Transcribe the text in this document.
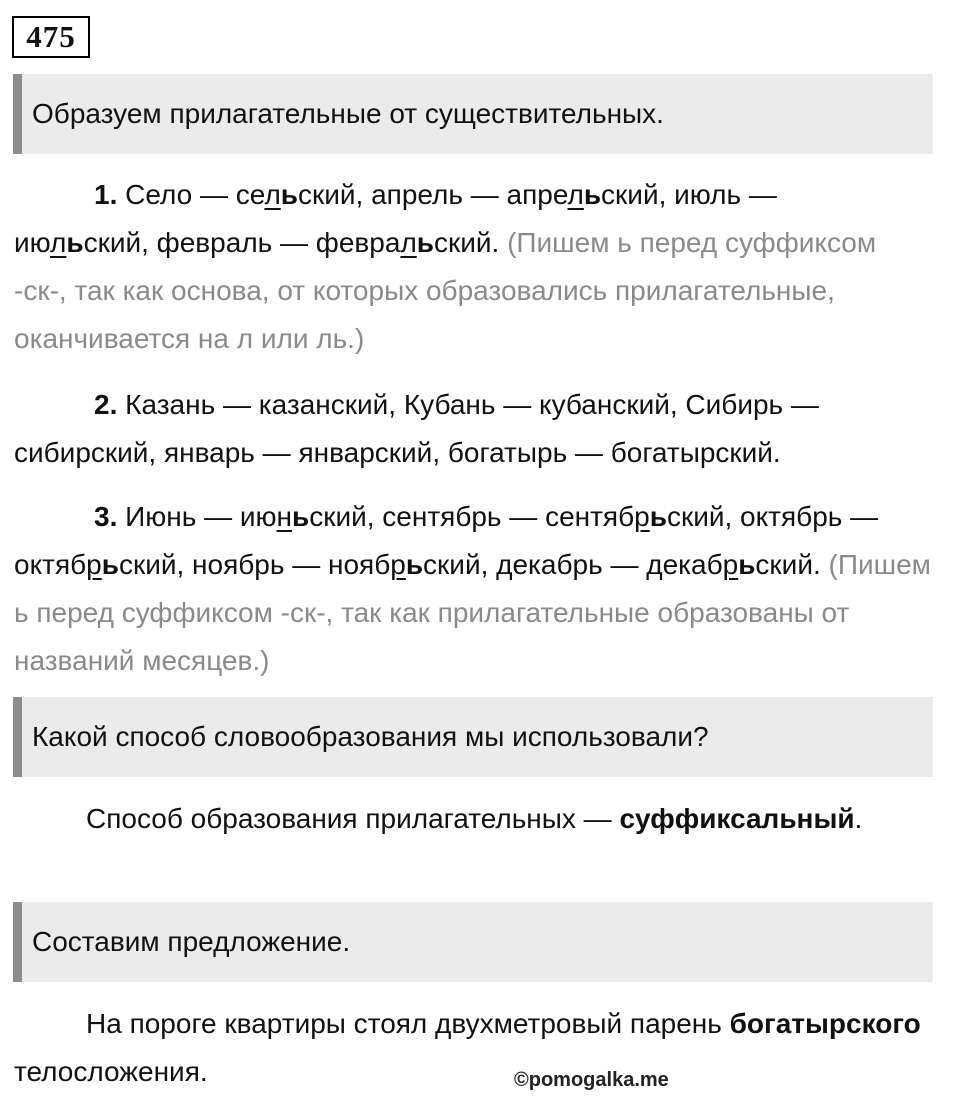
475
Образуем прилагательные от существительных.
1. Село — сельский, апрель — апрельский, июль —
июльский, февраль — февральский. (Пишем ь перед суффиксом -ск-, так как основа, от которых образовались прилагательные, оканчивается на л или ль.)
2. Казань — казанский, Кубань — кубанский, Сибирь — сибирский, январь — январский, богатырь — богатырский.
3. Июнь — июньский, сентябрь — сентябрьский, октябрь — октябрьский, ноябрь — ноябрьский, декабрь — декабрьский. (Пишем ь перед суффиксом -ск-, так как прилагательные образованы от названий месяцев.)
Какой способ словообразования мы использовали?
Способ образования прилагательных — суффиксальный.
Составим предложение.
На пороге квартиры стоял двухметровый парень богатырского телосложения.	©pomogalka.me
